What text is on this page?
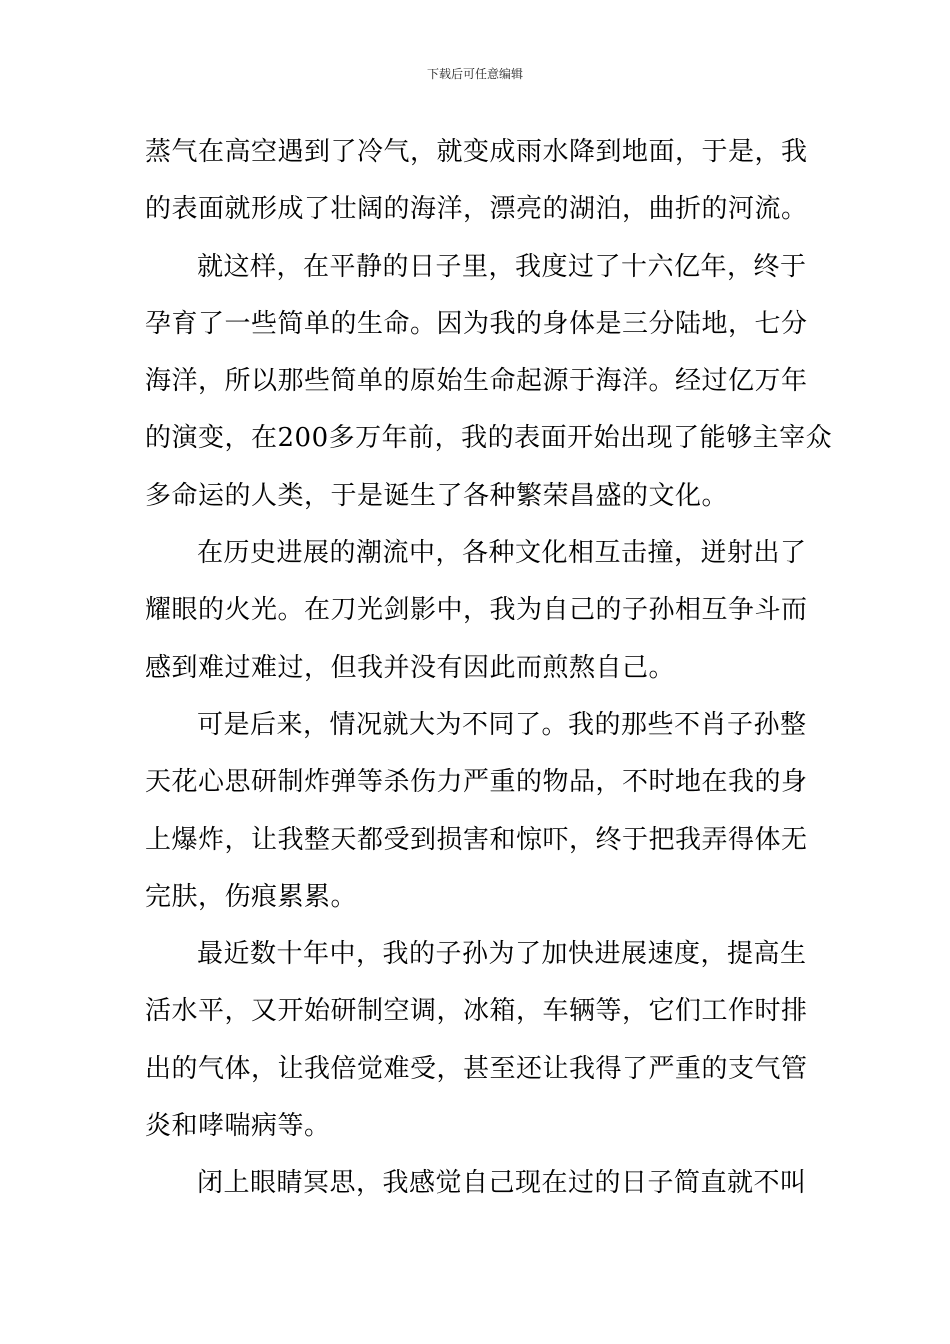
下载后可任意编辑
蒸气在高空遇到了冷气，就变成雨水降到地面，于是，我
的表面就形成了壮阔的海洋，漂亮的湖泊，曲折的河流。
就这样，在平静的日子里，我度过了十六亿年，终于
孕育了一些简单的生命。因为我的身体是三分陆地，七分
海洋，所以那些简单的原始生命起源于海洋。经过亿万年
的演变，在200多万年前，我的表面开始出现了能够主宰众
多命运的人类，于是诞生了各种繁荣昌盛的文化。
在历史进展的潮流中，各种文化相互击撞，迸射出了
耀眼的火光。在刀光剑影中，我为自己的子孙相互争斗而
感到难过难过，但我并没有因此而煎熬自己。
可是后来，情况就大为不同了。我的那些不肖子孙整
天花心思研制炸弹等杀伤力严重的物品，不时地在我的身
上爆炸，让我整天都受到损害和惊吓，终于把我弄得体无
完肤，伤痕累累。
最近数十年中，我的子孙为了加快进展速度，提高生
活水平，又开始研制空调，冰箱，车辆等，它们工作时排
出的气体，让我倍觉难受，甚至还让我得了严重的支气管
炎和哮喘病等。
闭上眼睛冥思，我感觉自己现在过的日子简直就不叫
